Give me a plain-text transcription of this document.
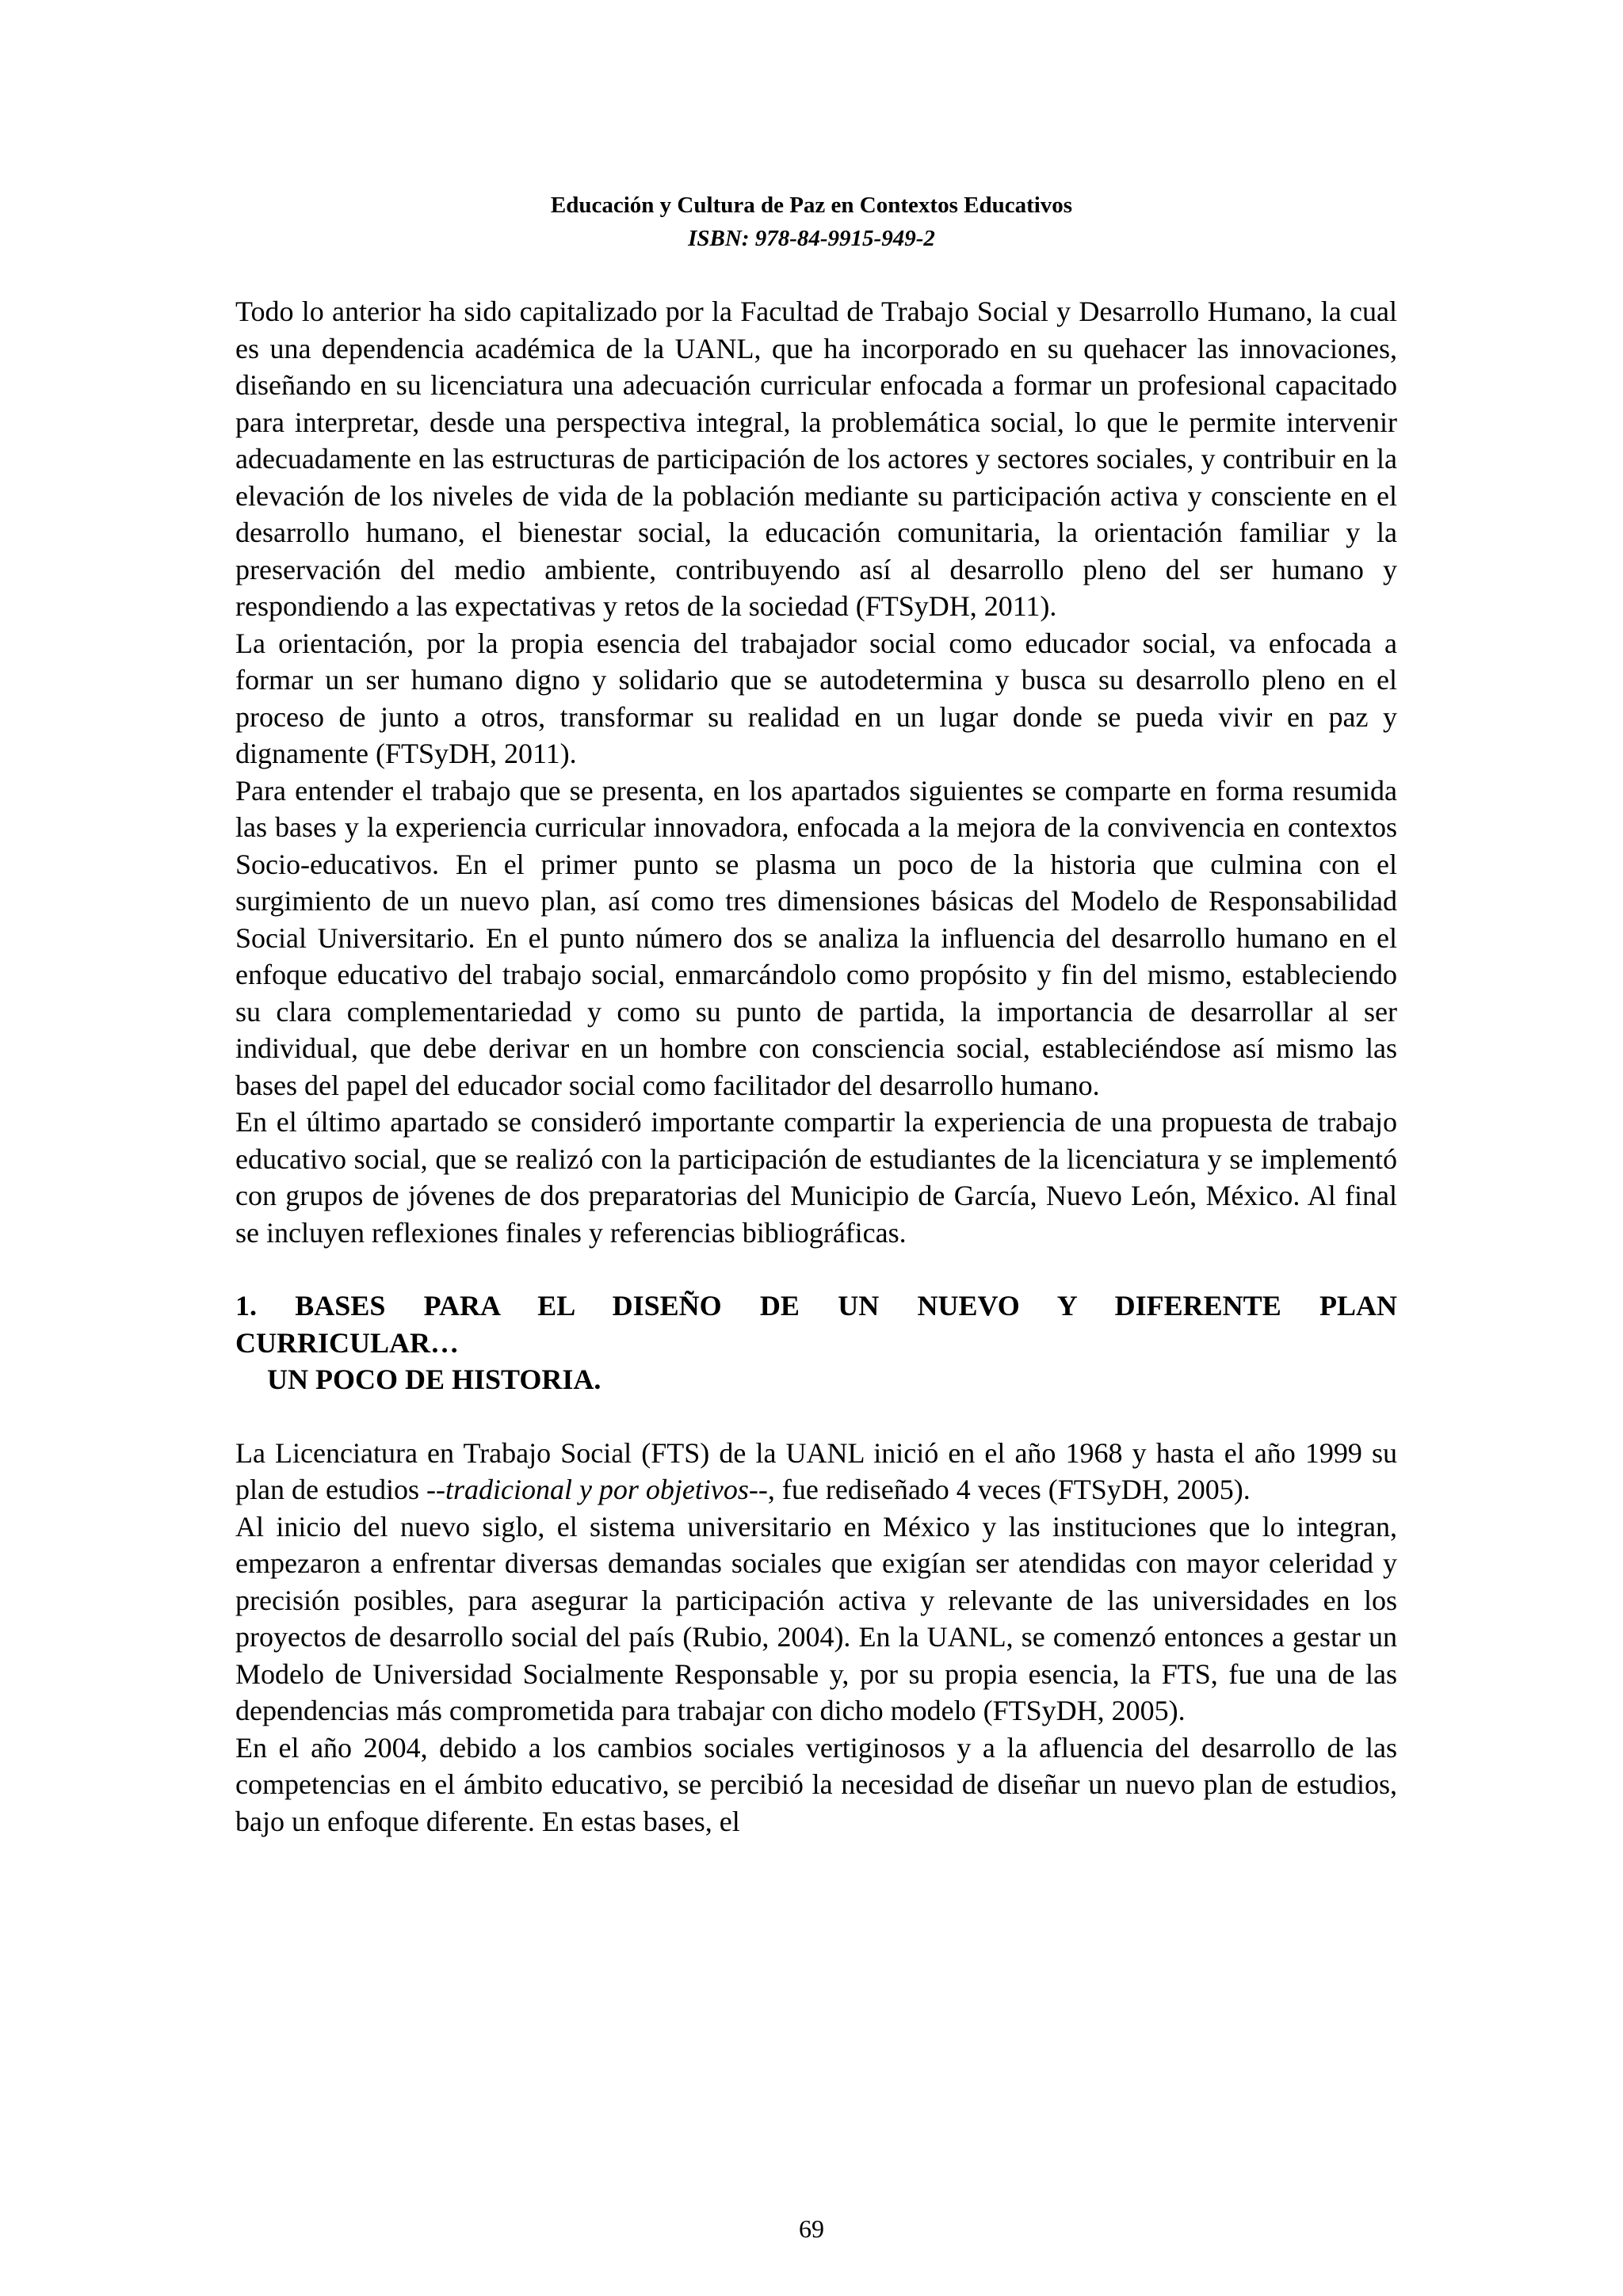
Educación y Cultura de Paz en Contextos Educativos
ISBN: 978-84-9915-949-2

Todo lo anterior ha sido capitalizado por la Facultad de Trabajo Social y Desarrollo Humano, la cual es una dependencia académica de la UANL, que ha incorporado en su quehacer las innovaciones, diseñando en su licenciatura una adecuación curricular enfocada a formar un profesional capacitado para interpretar, desde una perspectiva integral, la problemática social, lo que le permite intervenir adecuadamente en las estructuras de participación de los actores y sectores sociales, y contribuir en la elevación de los niveles de vida de la población mediante su participación activa y consciente en el desarrollo humano, el bienestar social, la educación comunitaria, la orientación familiar y la preservación del medio ambiente, contribuyendo así al desarrollo pleno del ser humano y respondiendo a las expectativas y retos de la sociedad (FTSyDH, 2011).

La orientación, por la propia esencia del trabajador social como educador social, va enfocada a formar un ser humano digno y solidario que se autodetermina y busca su desarrollo pleno en el proceso de junto a otros, transformar su realidad en un lugar donde se pueda vivir en paz y dignamente (FTSyDH, 2011).

Para entender el trabajo que se presenta, en los apartados siguientes se comparte en forma resumida las bases y la experiencia curricular innovadora, enfocada a la mejora de la convivencia en contextos Socio-educativos. En el primer punto se plasma un poco de la historia que culmina con el surgimiento de un nuevo plan, así como tres dimensiones básicas del Modelo de Responsabilidad Social Universitario. En el punto número dos se analiza la influencia del desarrollo humano en el enfoque educativo del trabajo social, enmarcándolo como propósito y fin del mismo, estableciendo su clara complementariedad y como su punto de partida, la importancia de desarrollar al ser individual, que debe derivar en un hombre con consciencia social, estableciéndose así mismo las bases del papel del educador social como facilitador del desarrollo humano.

En el último apartado se consideró importante compartir la experiencia de una propuesta de trabajo educativo social, que se realizó con la participación de estudiantes de la licenciatura y se implementó con grupos de jóvenes de dos preparatorias del Municipio de García, Nuevo León, México. Al final se incluyen reflexiones finales y referencias bibliográficas.

1. BASES PARA EL DISEÑO DE UN NUEVO Y DIFERENTE PLAN
CURRICULAR…
UN POCO DE HISTORIA.

La Licenciatura en Trabajo Social (FTS) de la UANL inició en el año 1968 y hasta el año 1999 su plan de estudios --tradicional y por objetivos--, fue rediseñado 4 veces (FTSyDH, 2005).

Al inicio del nuevo siglo, el sistema universitario en México y las instituciones que lo integran, empezaron a enfrentar diversas demandas sociales que exigían ser atendidas con mayor celeridad y precisión posibles, para asegurar la participación activa y relevante de las universidades en los proyectos de desarrollo social del país (Rubio, 2004). En la UANL, se comenzó entonces a gestar un Modelo de Universidad Socialmente Responsable y, por su propia esencia, la FTS, fue una de las dependencias más comprometida para trabajar con dicho modelo (FTSyDH, 2005).

En el año 2004, debido a los cambios sociales vertiginosos y a la afluencia del desarrollo de las competencias en el ámbito educativo, se percibió la necesidad de diseñar un nuevo plan de estudios, bajo un enfoque diferente. En estas bases, el

69
